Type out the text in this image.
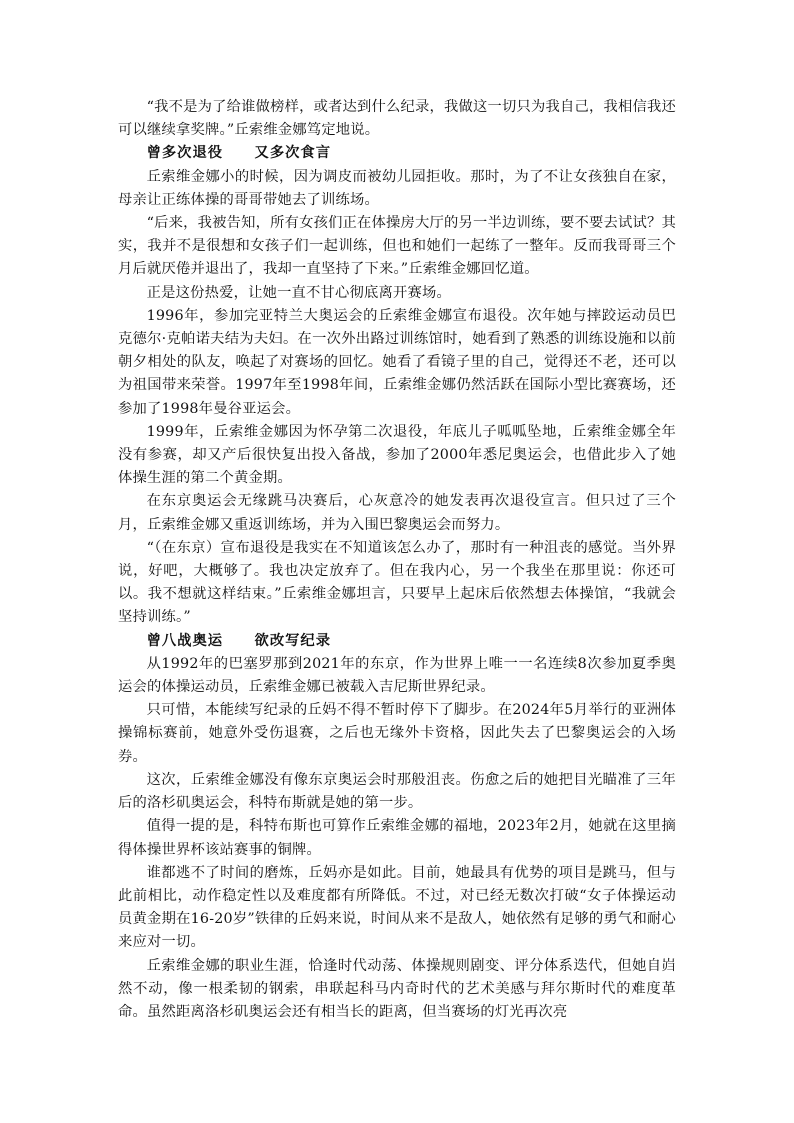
“我不是为了给谁做榜样，或者达到什么纪录，我做这一切只为我自己，我相信我还可以继续拿奖牌。”丘索维金娜笃定地说。

曾多次退役 又多次食言

丘索维金娜小的时候，因为调皮而被幼儿园拒收。那时，为了不让女孩独自在家，母亲让正练体操的哥哥带她去了训练场。

“后来，我被告知，所有女孩们正在体操房大厅的另一半边训练，要不要去试试？其实，我并不是很想和女孩子们一起训练，但也和她们一起练了一整年。反而我哥哥三个月后就厌倦并退出了，我却一直坚持了下来。”丘索维金娜回忆道。

正是这份热爱，让她一直不甘心彻底离开赛场。

1996年，参加完亚特兰大奥运会的丘索维金娜宣布退役。次年她与摔跤运动员巴克德尔·克帕诺夫结为夫妇。在一次外出路过训练馆时，她看到了熟悉的训练设施和以前朝夕相处的队友，唤起了对赛场的回忆。她看了看镜子里的自己，觉得还不老，还可以为祖国带来荣誉。1997年至1998年间，丘索维金娜仍然活跃在国际小型比赛赛场，还参加了1998年曼谷亚运会。

1999年，丘索维金娜因为怀孕第二次退役，年底儿子呱呱坠地，丘索维金娜全年没有参赛，却又产后很快复出投入备战，参加了2000年悉尼奥运会，也借此步入了她体操生涯的第二个黄金期。

在东京奥运会无缘跳马决赛后，心灰意冷的她发表再次退役宣言。但只过了三个月，丘索维金娜又重返训练场，并为入围巴黎奥运会而努力。

“（在东京）宣布退役是我实在不知道该怎么办了，那时有一种沮丧的感觉。当外界说，好吧，大概够了。我也决定放弃了。但在我内心，另一个我坐在那里说：你还可以。我不想就这样结束。”丘索维金娜坦言，只要早上起床后依然想去体操馆，“我就会坚持训练。”

曾八战奥运 欲改写纪录

从1992年的巴塞罗那到2021年的东京，作为世界上唯一一名连续8次参加夏季奥运会的体操运动员，丘索维金娜已被载入吉尼斯世界纪录。

只可惜，本能续写纪录的丘妈不得不暂时停下了脚步。在2024年5月举行的亚洲体操锦标赛前，她意外受伤退赛，之后也无缘外卡资格，因此失去了巴黎奥运会的入场券。

这次，丘索维金娜没有像东京奥运会时那般沮丧。伤愈之后的她把目光瞄准了三年后的洛杉矶奥运会，科特布斯就是她的第一步。

值得一提的是，科特布斯也可算作丘索维金娜的福地，2023年2月，她就在这里摘得体操世界杯该站赛事的铜牌。

谁都逃不了时间的磨炼，丘妈亦是如此。目前，她最具有优势的项目是跳马，但与此前相比，动作稳定性以及难度都有所降低。不过，对已经无数次打破“女子体操运动员黄金期在16-20岁”铁律的丘妈来说，时间从来不是敌人，她依然有足够的勇气和耐心来应对一切。

丘索维金娜的职业生涯，恰逢时代动荡、体操规则剧变、评分体系迭代，但她自岿然不动，像一根柔韧的钢索，串联起科马内奇时代的艺术美感与拜尔斯时代的难度革命。虽然距离洛杉矶奥运会还有相当长的距离，但当赛场的灯光再次亮
